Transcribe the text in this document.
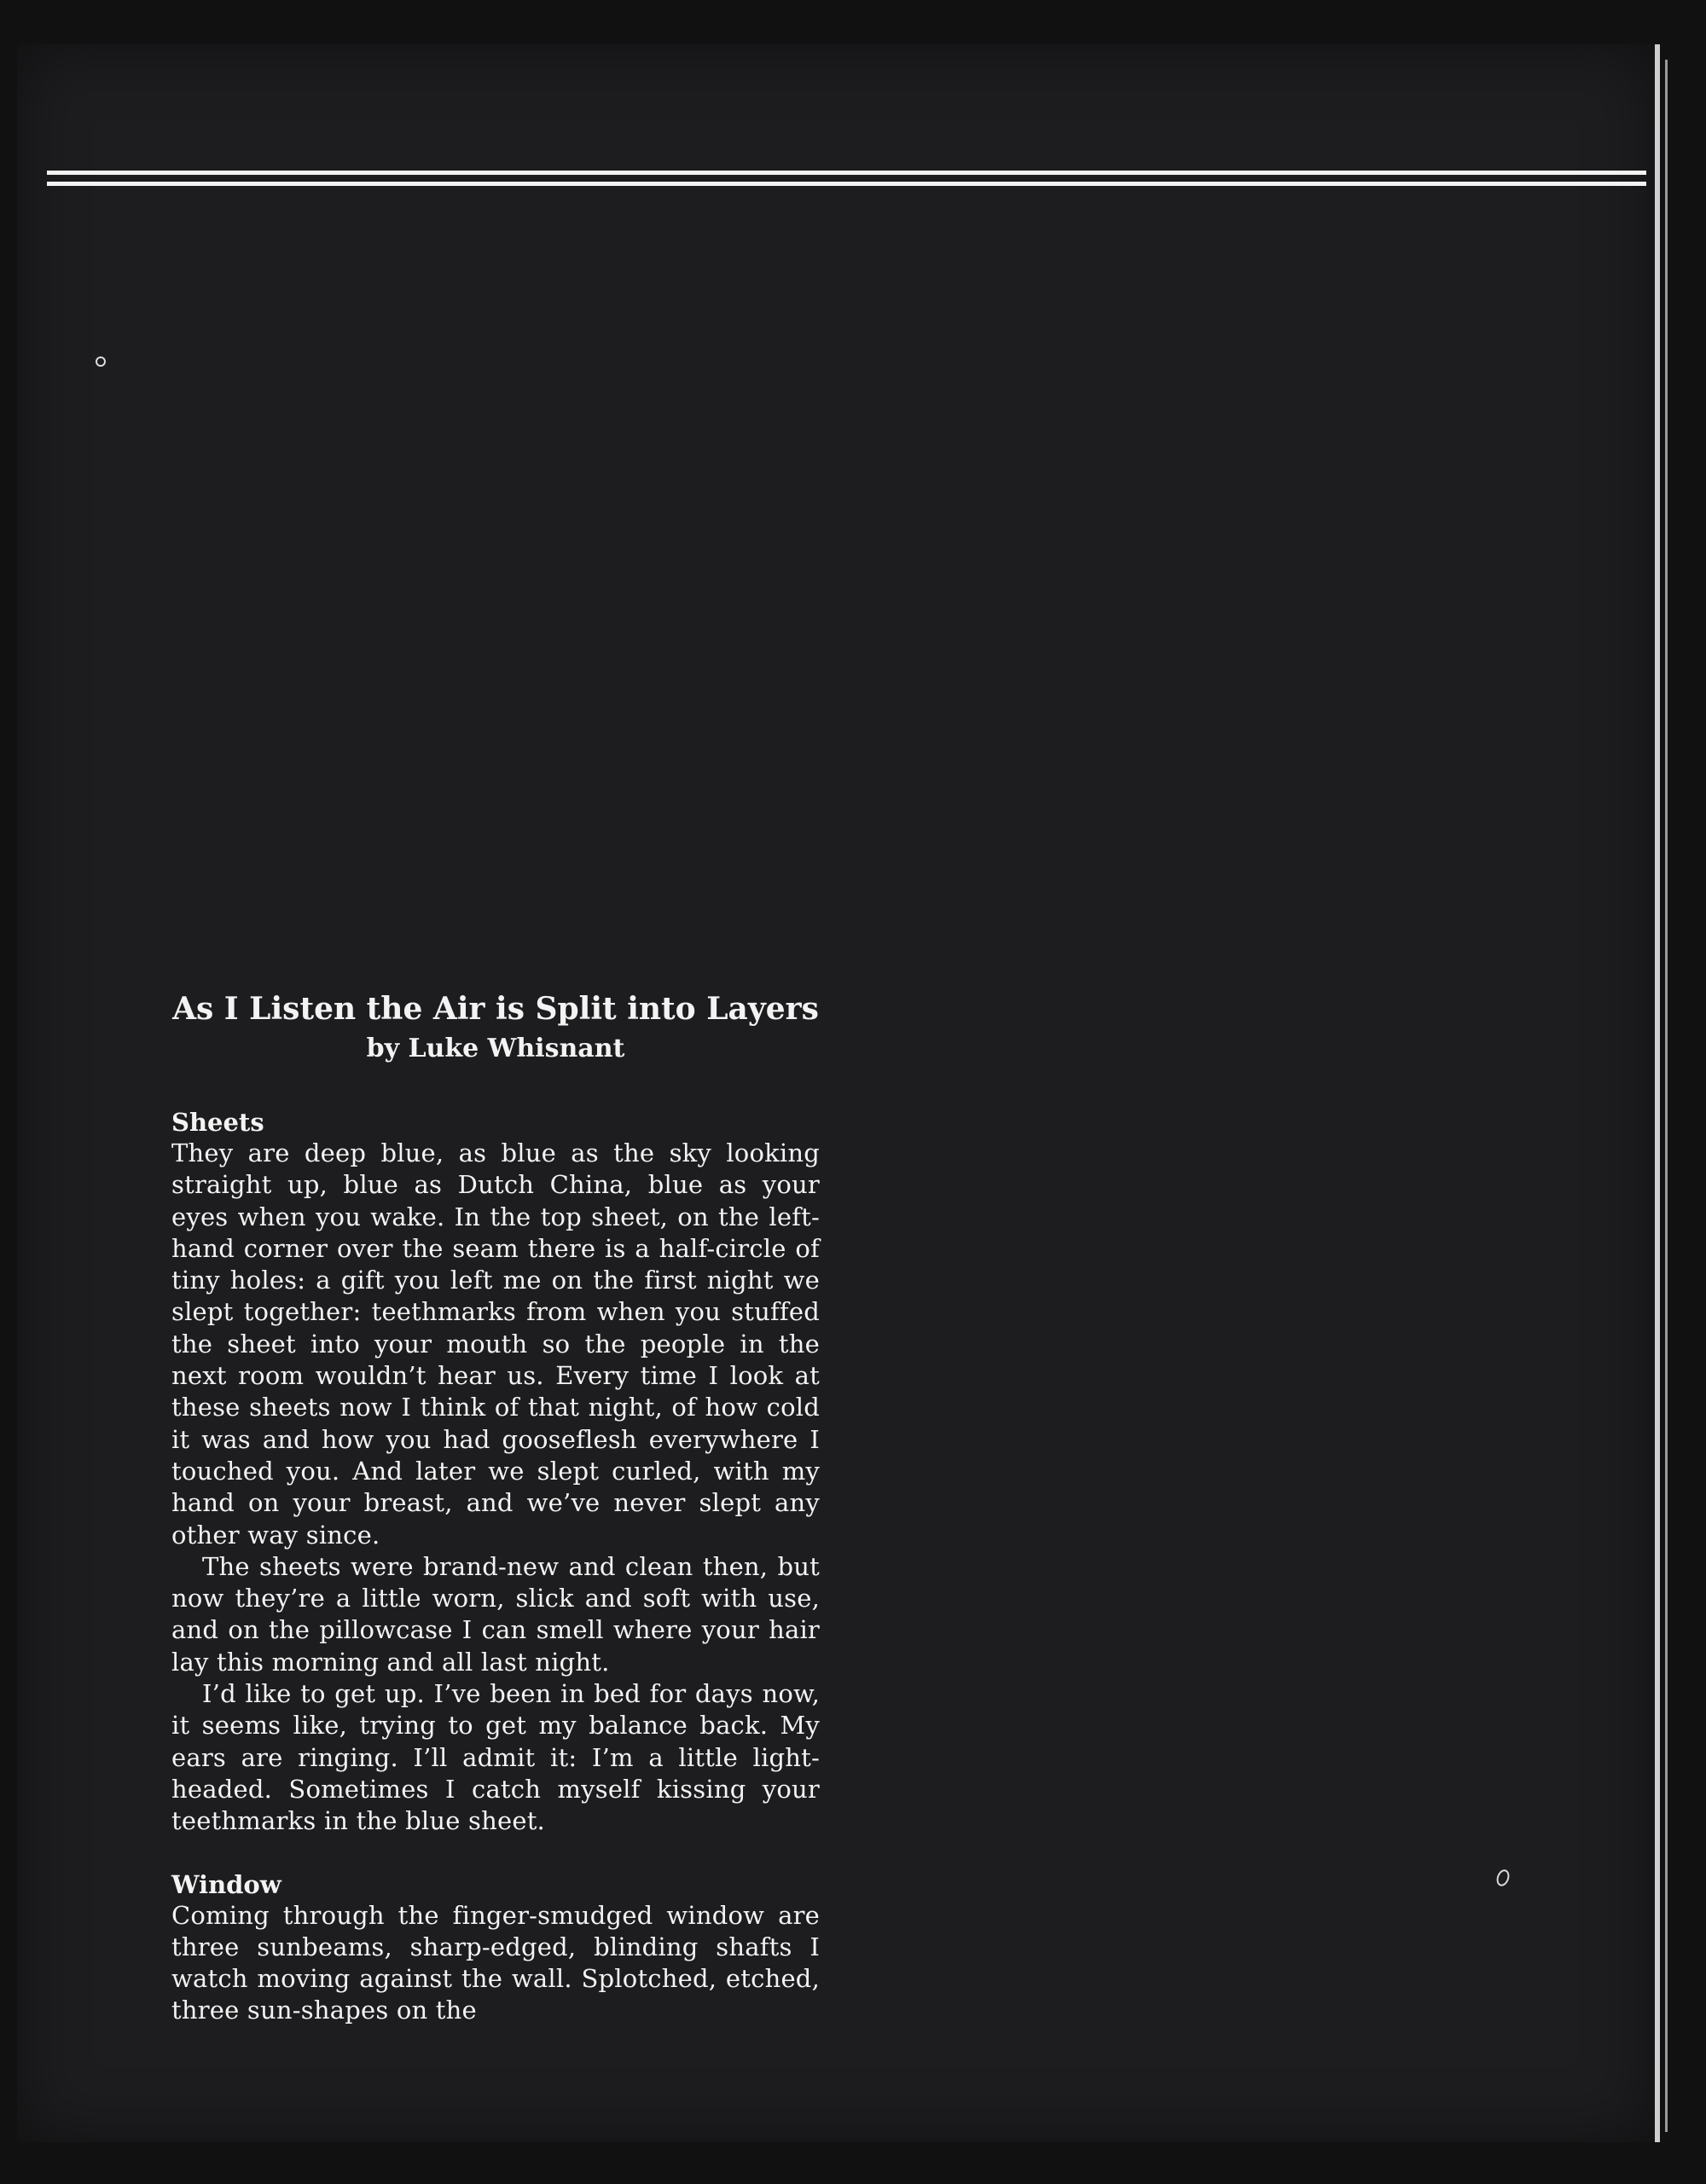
As I Listen the Air is Split into Layers

by Luke Whisnant

Sheets

They are deep blue, as blue as the sky looking straight up, blue as Dutch China, blue as your eyes when you wake. In the top sheet, on the left-hand corner over the seam there is a half-circle of tiny holes: a gift you left me on the first night we slept together: teethmarks from when you stuffed the sheet into your mouth so the people in the next room wouldn’t hear us. Every time I look at these sheets now I think of that night, of how cold it was and how you had gooseflesh everywhere I touched you. And later we slept curled, with my hand on your breast, and we’ve never slept any other way since.

The sheets were brand-new and clean then, but now they’re a little worn, slick and soft with use, and on the pillowcase I can smell where your hair lay this morning and all last night.

I’d like to get up. I’ve been in bed for days now, it seems like, trying to get my balance back. My ears are ringing. I’ll admit it: I’m a little light-headed. Sometimes I catch myself kissing your teethmarks in the blue sheet.

Window

Coming through the finger-smudged window are three sunbeams, sharp-edged, blinding shafts I watch moving against the wall. Splotched, etched, three sun-shapes on the
